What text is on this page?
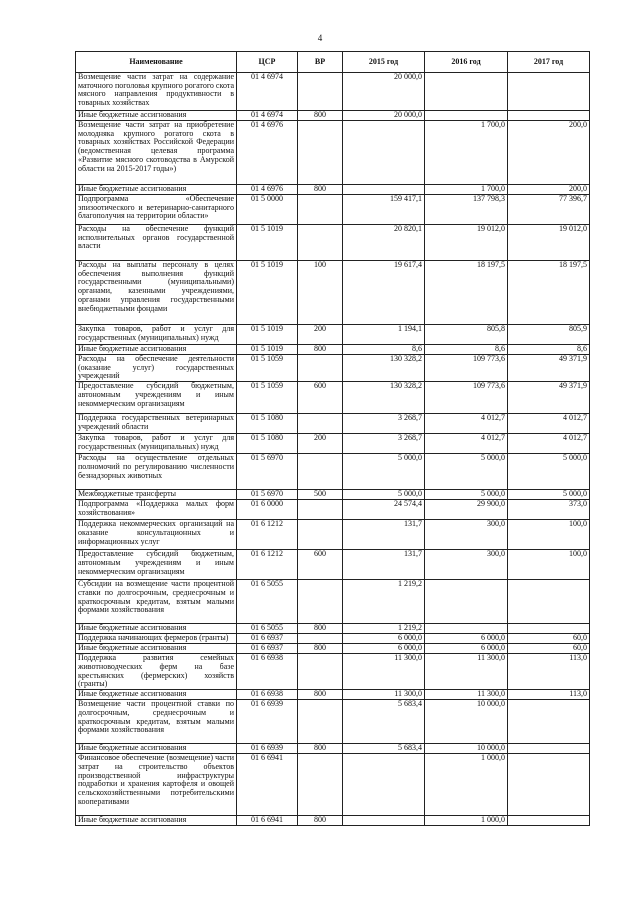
4
Наименование	ЦСР	ВР	2015 год	2016 год	2017 год
Возмещение части затрат на содержание маточного поголовья крупного рогатого скота мясного направления продуктивности в товарных хозяйствах	01 4 6974		20 000,0		
Иные бюджетные ассигнования	01 4 6974	800	20 000,0		
Возмещение части затрат на приобретение молодняка крупного рогатого скота в товарных хозяйствах Российской Федерации (ведомственная целевая программа «Развитие мясного скотоводства в Амурской области на 2015-2017 годы»)	01 4 6976			1 700,0	200,0
Иные бюджетные ассигнования	01 4 6976	800		1 700,0	200,0
Подпрограмма «Обеспечение эпизоотического и ветеринарно-санитарного благополучия на территории области»	01 5 0000		159 417,1	137 798,3	77 396,7
Расходы на обеспечение функций исполнительных органов государственной власти	01 5 1019		20 820,1	19 012,0	19 012,0
Расходы на выплаты персоналу в целях обеспечения выполнения функций государственными (муниципальными) органами, казенными учреждениями, органами управления государственными внебюджетными фондами	01 5 1019	100	19 617,4	18 197,5	18 197,5
Закупка товаров, работ и услуг для государственных (муниципальных) нужд	01 5 1019	200	1 194,1	805,8	805,9
Иные бюджетные ассигнования	01 5 1019	800	8,6	8,6	8,6
Расходы на обеспечение деятельности (оказание услуг) государственных учреждений	01 5 1059		130 328,2	109 773,6	49 371,9
Предоставление субсидий бюджетным, автономным учреждениям и иным некоммерческим организациям	01 5 1059	600	130 328,2	109 773,6	49 371,9
Поддержка государственных ветеринарных учреждений области	01 5 1080		3 268,7	4 012,7	4 012,7
Закупка товаров, работ и услуг для государственных (муниципальных) нужд	01 5 1080	200	3 268,7	4 012,7	4 012,7
Расходы на осуществление отдельных полномочий по регулированию численности безнадзорных животных	01 5 6970		5 000,0	5 000,0	5 000,0
Межбюджетные трансферты	01 5 6970	500	5 000,0	5 000,0	5 000,0
Подпрограмма «Поддержка малых форм хозяйствования»	01 6 0000		24 574,4	29 900,0	373,0
Поддержка некоммерческих организаций на оказание консультационных и информационных услуг	01 6 1212		131,7	300,0	100,0
Предоставление субсидий бюджетным, автономным учреждениям и иным некоммерческим организациям	01 6 1212	600	131,7	300,0	100,0
Субсидии на возмещение части процентной ставки по долгосрочным, среднесрочным и краткосрочным кредитам, взятым малыми формами хозяйствования	01 6 5055		1 219,2		
Иные бюджетные ассигнования	01 6 5055	800	1 219,2		
Поддержка начинающих фермеров (гранты)	01 6 6937		6 000,0	6 000,0	60,0
Иные бюджетные ассигнования	01 6 6937	800	6 000,0	6 000,0	60,0
Поддержка развития семейных животноводческих ферм на базе крестьянских (фермерских) хозяйств (гранты)	01 6 6938		11 300,0	11 300,0	113,0
Иные бюджетные ассигнования	01 6 6938	800	11 300,0	11 300,0	113,0
Возмещение части процентной ставки по долгосрочным, среднесрочным и краткосрочным кредитам, взятым малыми формами хозяйствования	01 6 6939		5 683,4	10 000,0	
Иные бюджетные ассигнования	01 6 6939	800	5 683,4	10 000,0	
Финансовое обеспечение (возмещение) части затрат на строительство объектов производственной инфраструктуры подработки и хранения картофеля и овощей сельскохозяйственными потребительскими кооперативами	01 6 6941			1 000,0	
Иные бюджетные ассигнования	01 6 6941	800		1 000,0	
